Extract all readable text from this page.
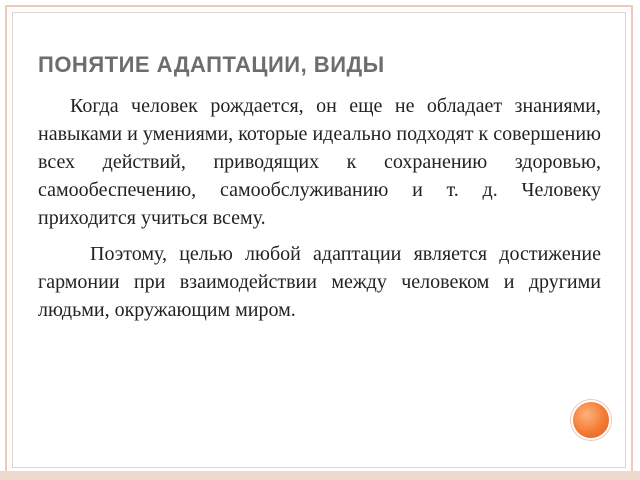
ПОНЯТИЕ АДАПТАЦИИ, ВИДЫ

Когда человек рождается, он еще не обладает знаниями, навыками и умениями, которые идеально подходят к совершению всех действий, приводящих к сохранению здоровью, самообеспечению, самообслуживанию и т. д. Человеку приходится учиться всему.

Поэтому, целью любой адаптации является достижение гармонии при взаимодействии между человеком и другими людьми, окружающим миром.
